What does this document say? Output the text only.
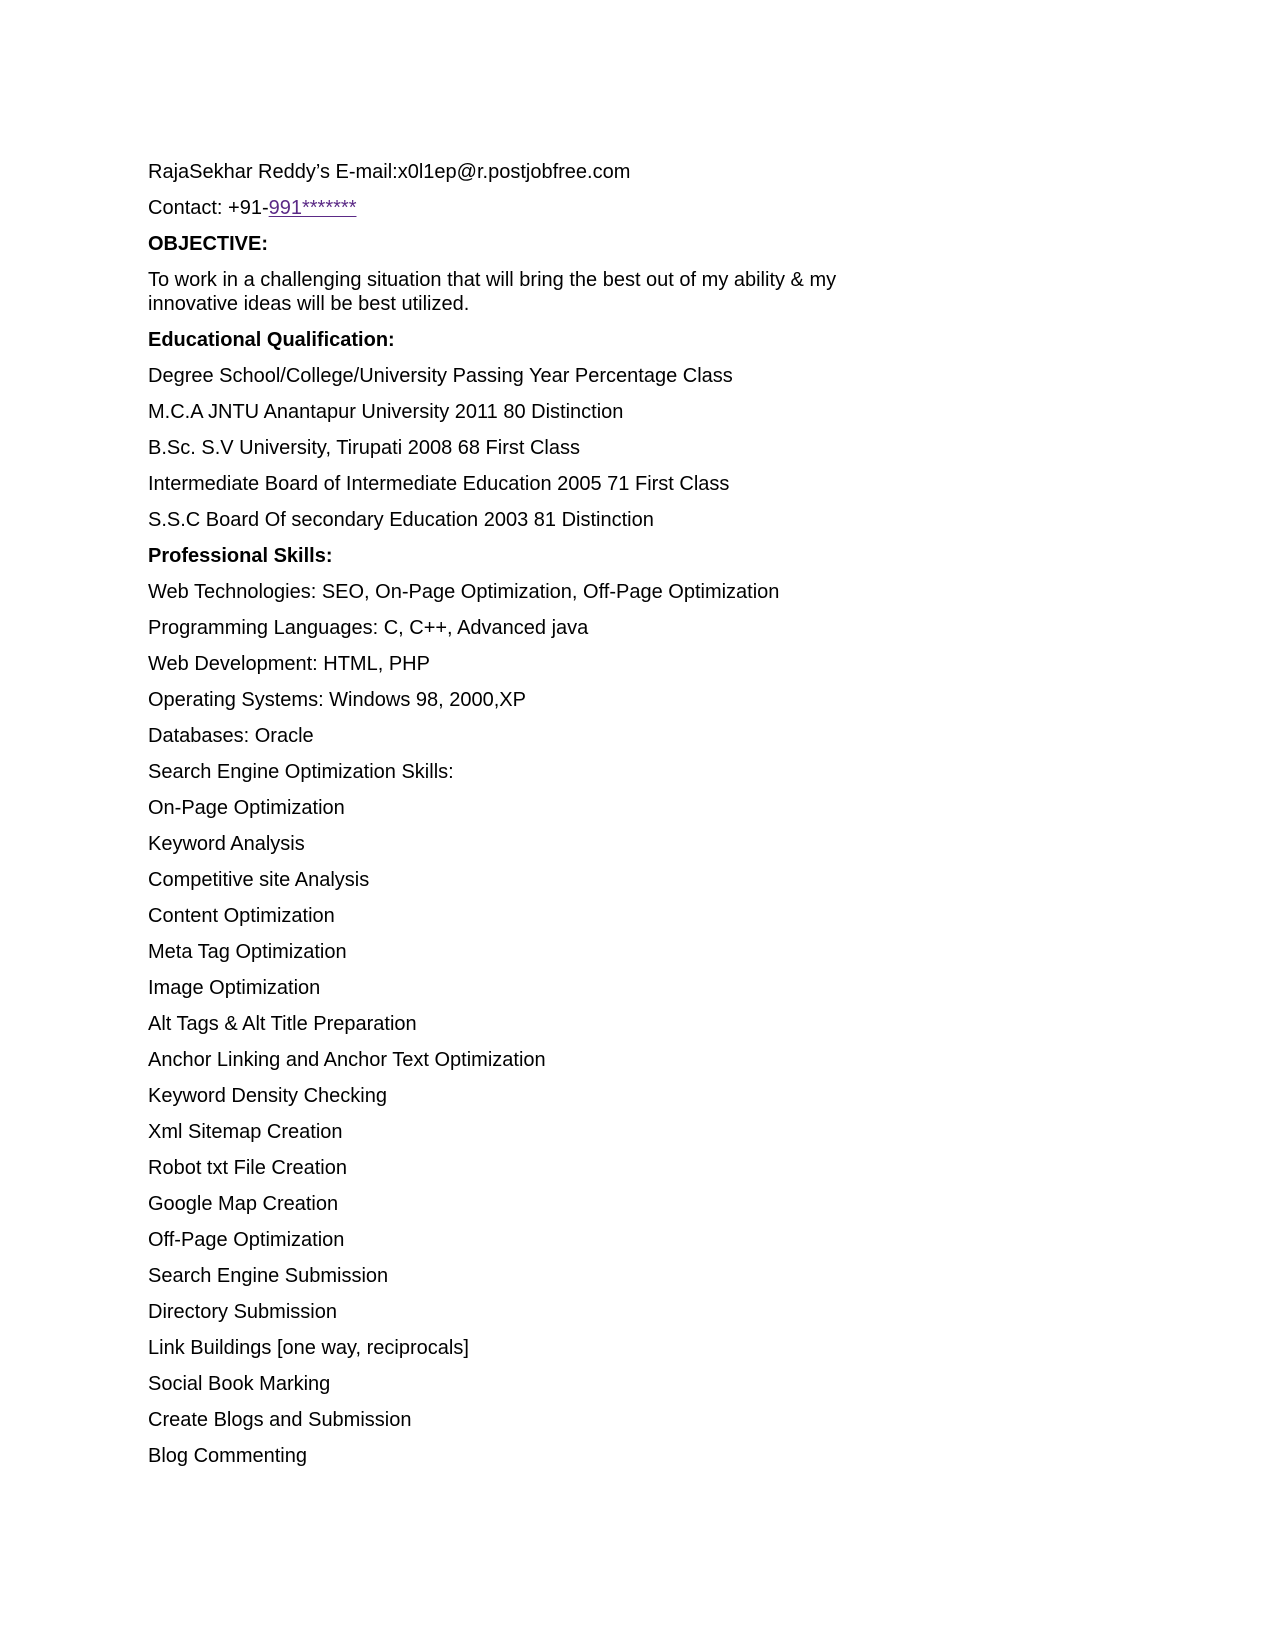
RajaSekhar Reddy’s E-mail:x0l1ep@r.postjobfree.com
Contact: +91-991*******
OBJECTIVE:
To work in a challenging situation that will bring the best out of my ability & my
innovative ideas will be best utilized.
Educational Qualification:
Degree School/College/University Passing Year Percentage Class
M.C.A JNTU Anantapur University 2011 80 Distinction
B.Sc. S.V University, Tirupati 2008 68 First Class
Intermediate Board of Intermediate Education 2005 71 First Class
S.S.C Board Of secondary Education 2003 81 Distinction
Professional Skills:
Web Technologies: SEO, On-Page Optimization, Off-Page Optimization
Programming Languages: C, C++, Advanced java
Web Development: HTML, PHP
Operating Systems: Windows 98, 2000,XP
Databases: Oracle
Search Engine Optimization Skills:
On-Page Optimization
Keyword Analysis
Competitive site Analysis
Content Optimization
Meta Tag Optimization
Image Optimization
Alt Tags & Alt Title Preparation
Anchor Linking and Anchor Text Optimization
Keyword Density Checking
Xml Sitemap Creation
Robot txt File Creation
Google Map Creation
Off-Page Optimization
Search Engine Submission
Directory Submission
Link Buildings [one way, reciprocals]
Social Book Marking
Create Blogs and Submission
Blog Commenting
